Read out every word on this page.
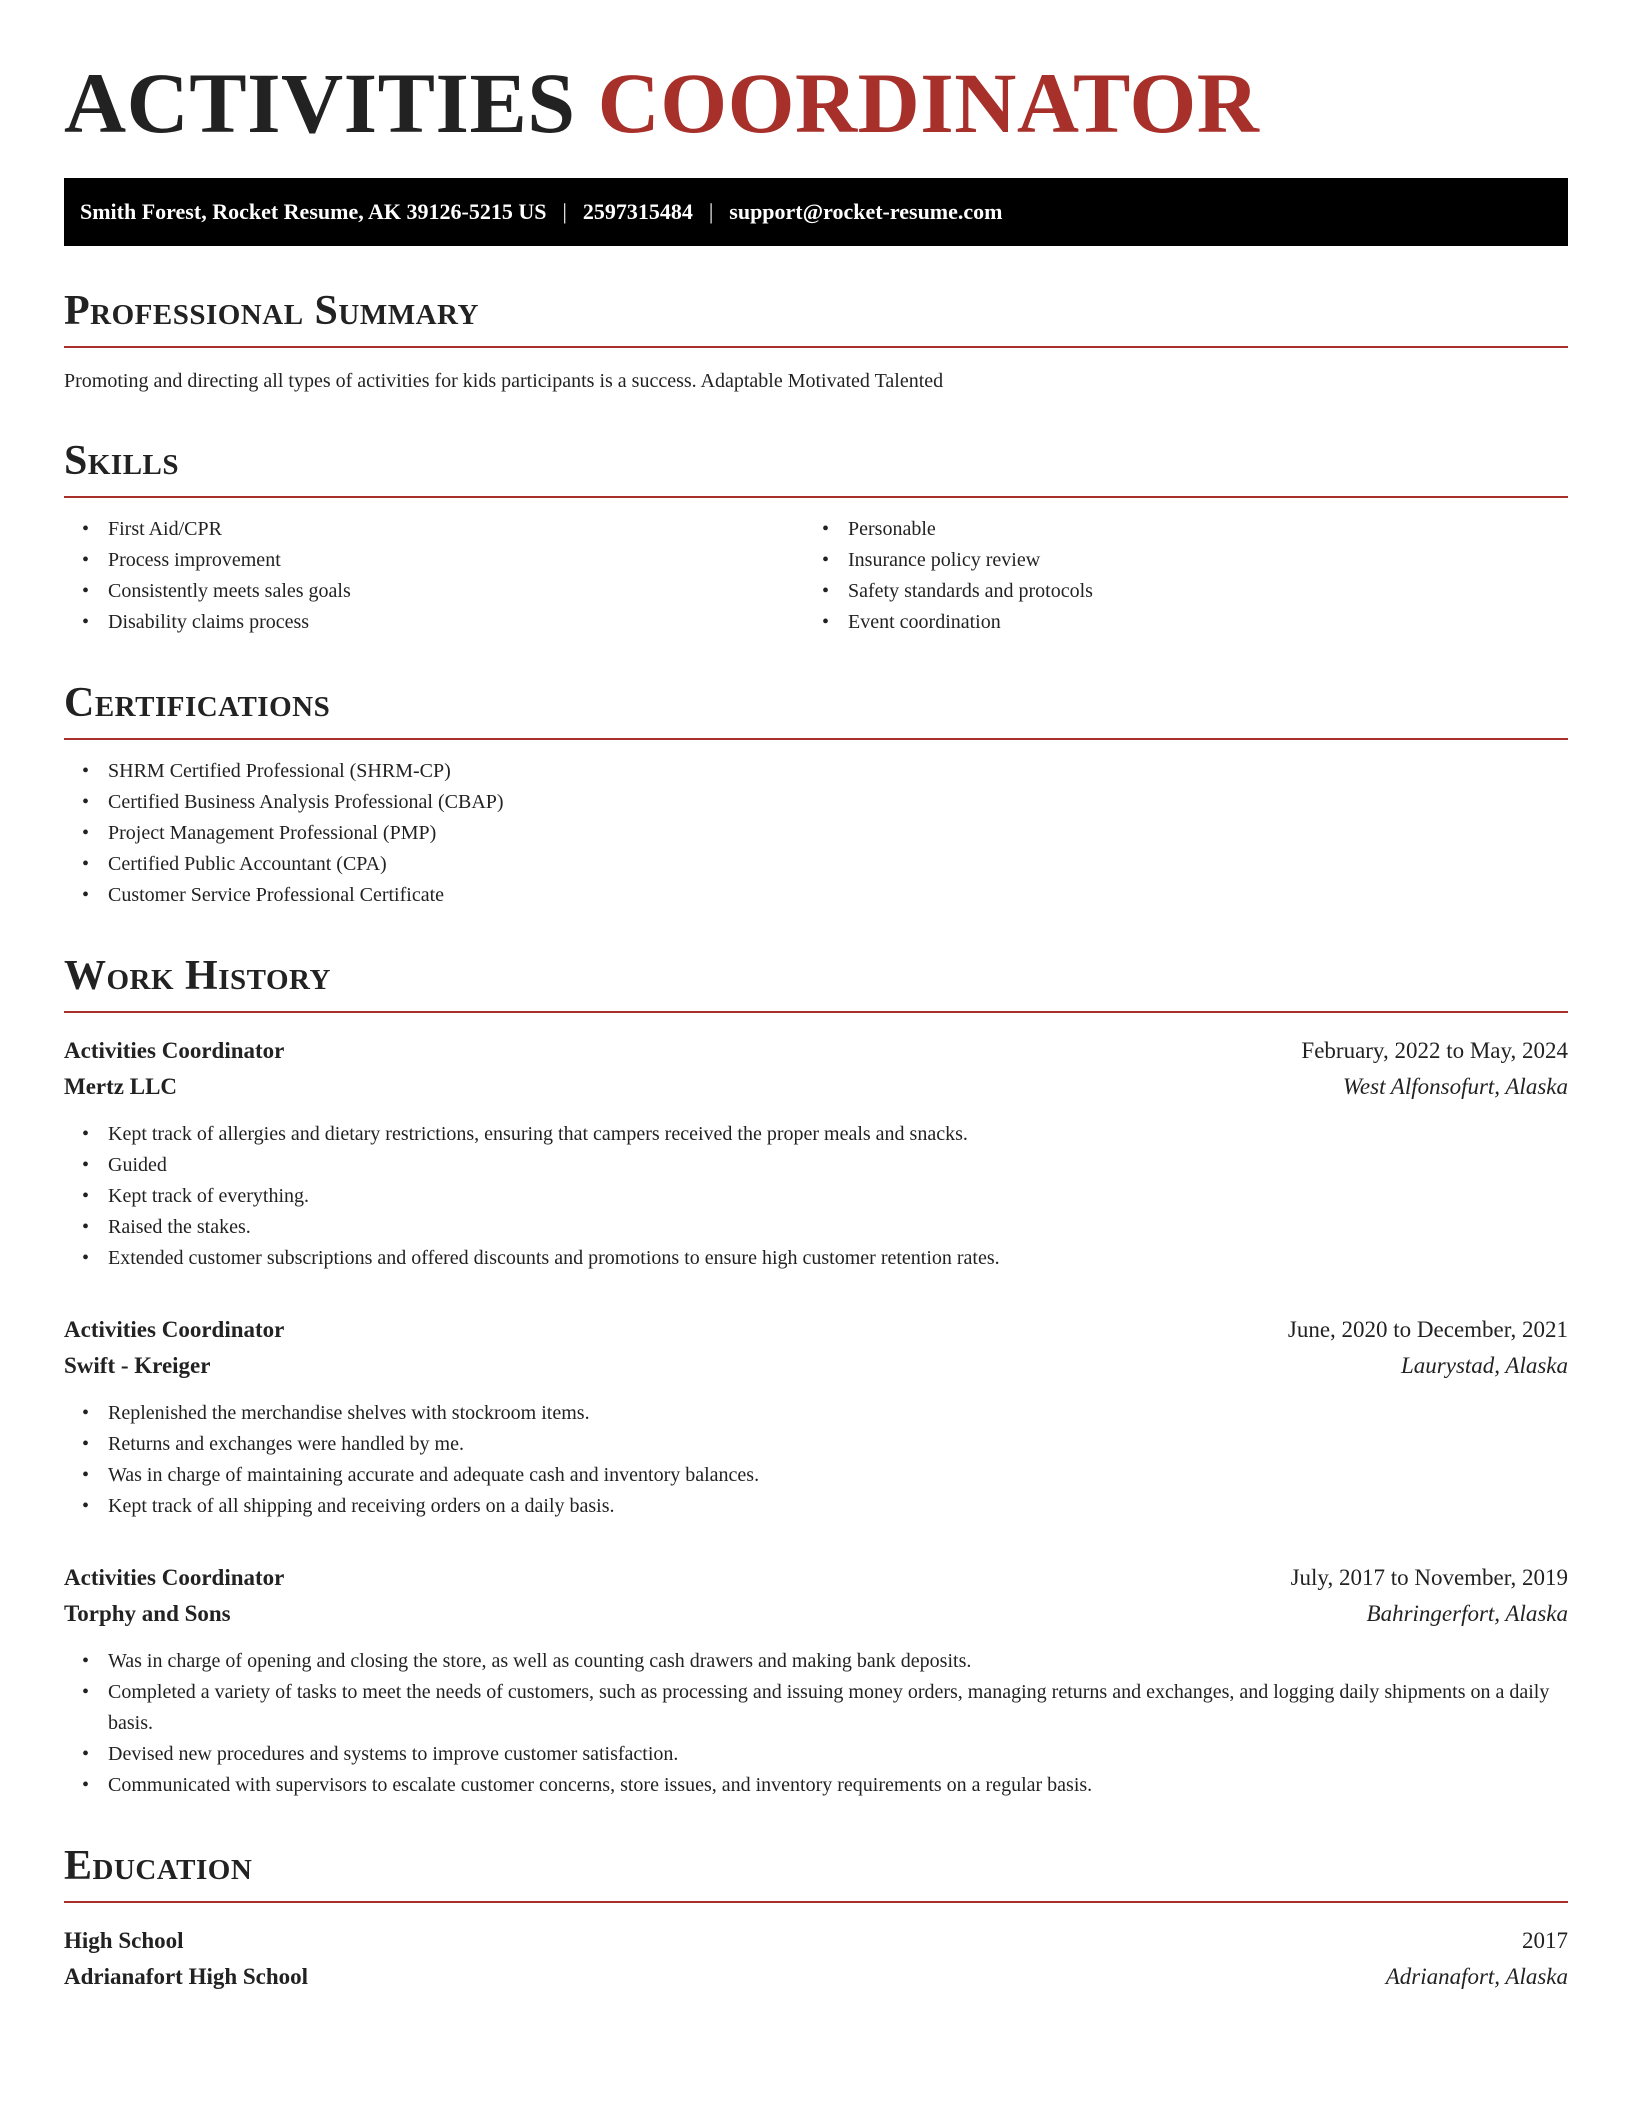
ACTIVITIES COORDINATOR
Smith Forest, Rocket Resume, AK 39126-5215 US | 2597315484 | support@rocket-resume.com
Professional Summary
Promoting and directing all types of activities for kids participants is a success. Adaptable Motivated Talented
Skills
• First Aid/CPR
• Process improvement
• Consistently meets sales goals
• Disability claims process
• Personable
• Insurance policy review
• Safety standards and protocols
• Event coordination
Certifications
• SHRM Certified Professional (SHRM-CP)
• Certified Business Analysis Professional (CBAP)
• Project Management Professional (PMP)
• Certified Public Accountant (CPA)
• Customer Service Professional Certificate
Work History
Activities Coordinator	February, 2022 to May, 2024
Mertz LLC	West Alfonsofurt, Alaska
• Kept track of allergies and dietary restrictions, ensuring that campers received the proper meals and snacks.
• Guided
• Kept track of everything.
• Raised the stakes.
• Extended customer subscriptions and offered discounts and promotions to ensure high customer retention rates.
Activities Coordinator	June, 2020 to December, 2021
Swift - Kreiger	Laurystad, Alaska
• Replenished the merchandise shelves with stockroom items.
• Returns and exchanges were handled by me.
• Was in charge of maintaining accurate and adequate cash and inventory balances.
• Kept track of all shipping and receiving orders on a daily basis.
Activities Coordinator	July, 2017 to November, 2019
Torphy and Sons	Bahringerfort, Alaska
• Was in charge of opening and closing the store, as well as counting cash drawers and making bank deposits.
• Completed a variety of tasks to meet the needs of customers, such as processing and issuing money orders, managing returns and exchanges, and logging daily shipments on a daily basis.
• Devised new procedures and systems to improve customer satisfaction.
• Communicated with supervisors to escalate customer concerns, store issues, and inventory requirements on a regular basis.
Education
High School	2017
Adrianafort High School	Adrianafort, Alaska
